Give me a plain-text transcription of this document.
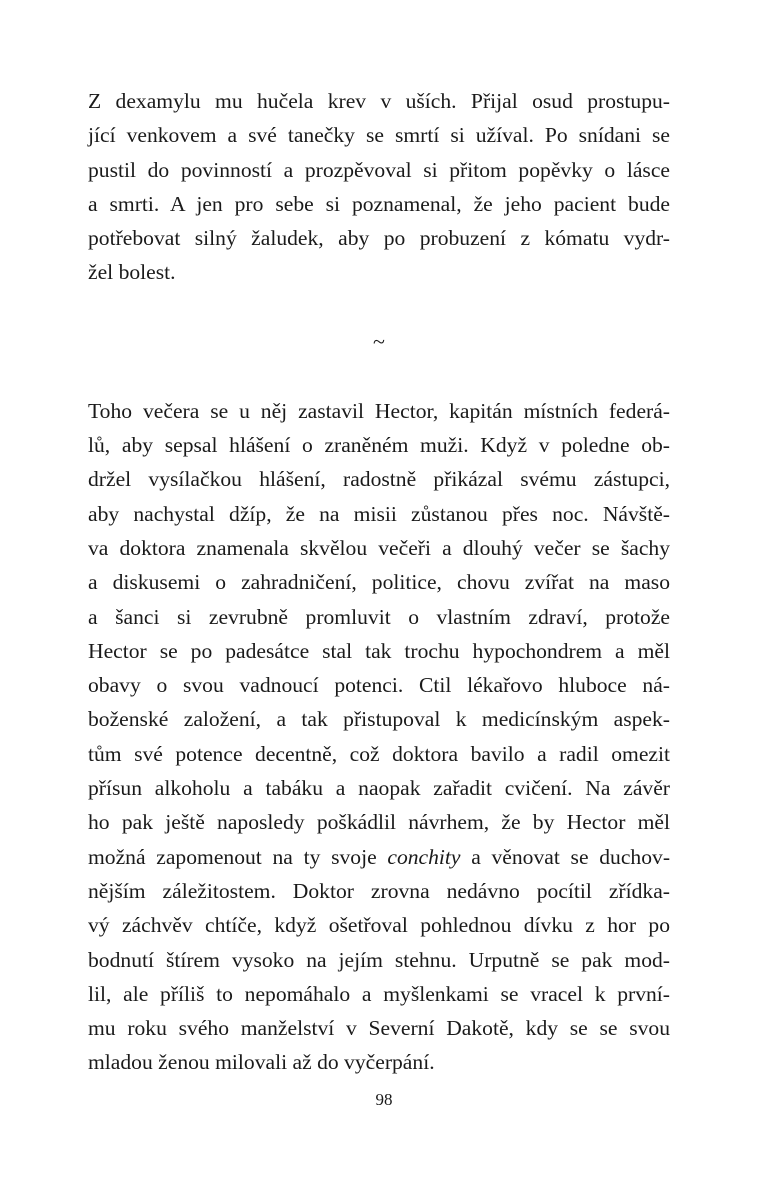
Z dexamylu mu hučela krev v uších. Přijal osud prostupu-
jící venkovem a své tanečky se smrtí si užíval. Po snídani se
pustil do povinností a prozpěvoval si přitom popěvky o lásce
a smrti. A jen pro sebe si poznamenal, že jeho pacient bude
potřebovat silný žaludek, aby po probuzení z kómatu vydr-
žel bolest.

~

Toho večera se u něj zastavil Hector, kapitán místních federá-
lů, aby sepsal hlášení o zraněném muži. Když v poledne ob-
držel vysílačkou hlášení, radostně přikázal svému zástupci,
aby nachystal džíp, že na misii zůstanou přes noc. Návště-
va doktora znamenala skvělou večeři a dlouhý večer se šachy
a diskusemi o zahradničení, politice, chovu zvířat na maso
a šanci si zevrubně promluvit o vlastním zdraví, protože
Hector se po padesátce stal tak trochu hypochondrem a měl
obavy o svou vadnoucí potenci. Ctil lékařovo hluboce ná-
boženské založení, a tak přistupoval k medicínským aspek-
tům své potence decentně, což doktora bavilo a radil omezit
přísun alkoholu a tabáku a naopak zařadit cvičení. Na závěr
ho pak ještě naposledy poškádlil návrhem, že by Hector měl
možná zapomenout na ty svoje conchity a věnovat se duchov-
nějším záležitostem. Doktor zrovna nedávno pocítil zřídka-
vý záchvěv chtíče, když ošetřoval pohlednou dívku z hor po
bodnutí štírem vysoko na jejím stehnu. Urputně se pak mod-
lil, ale příliš to nepomáhalo a myšlenkami se vracel k první-
mu roku svého manželství v Severní Dakotě, kdy se se svou
mladou ženou milovali až do vyčerpání.

98
